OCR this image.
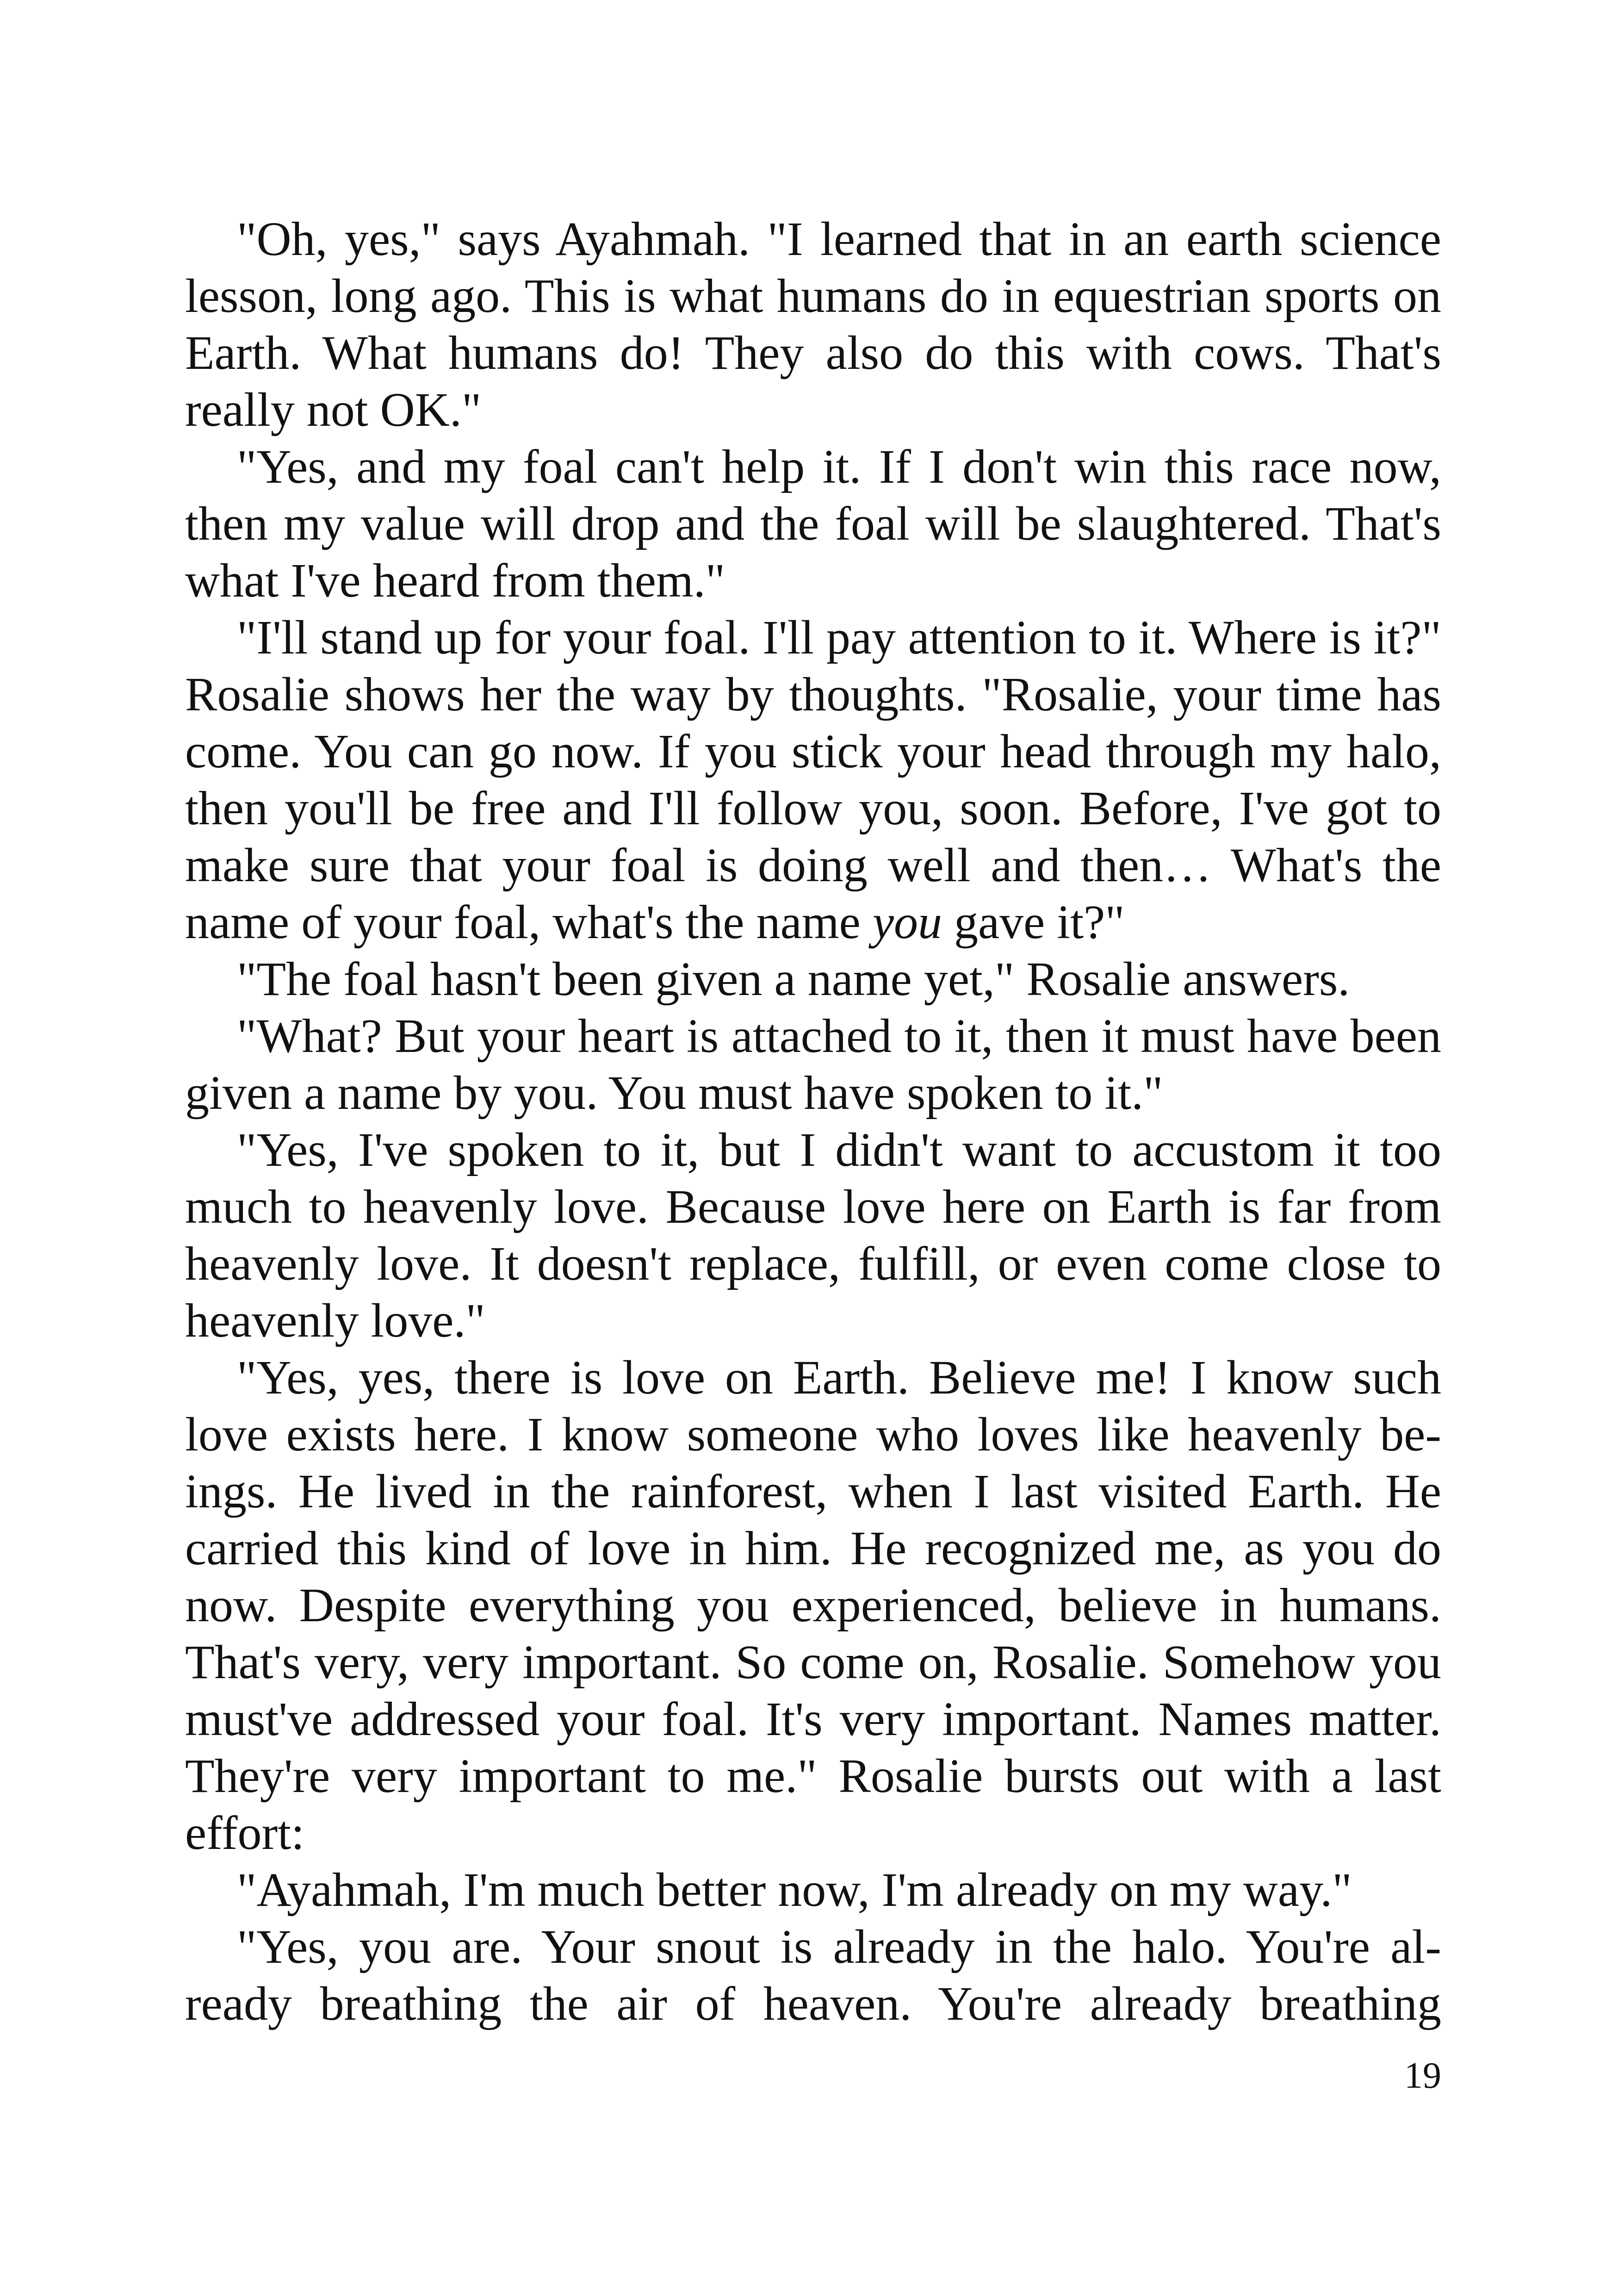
"Oh, yes," says Ayahmah. "I learned that in an earth science lesson, long ago. This is what humans do in equestrian sports on Earth. What humans do! They also do this with cows. That's really not OK."

"Yes, and my foal can't help it. If I don't win this race now, then my value will drop and the foal will be slaughtered. That's what I've heard from them."

"I'll stand up for your foal. I'll pay attention to it. Where is it?" Rosalie shows her the way by thoughts. "Rosalie, your time has come. You can go now. If you stick your head through my halo, then you'll be free and I'll follow you, soon. Before, I've got to make sure that your foal is doing well and then… What's the name of your foal, what's the name you gave it?"

"The foal hasn't been given a name yet," Rosalie answers.

"What? But your heart is attached to it, then it must have been given a name by you. You must have spoken to it."

"Yes, I've spoken to it, but I didn't want to accustom it too much to heavenly love. Because love here on Earth is far from heavenly love. It doesn't replace, fulfill, or even come close to heavenly love."

"Yes, yes, there is love on Earth. Believe me! I know such love exists here. I know someone who loves like heavenly be-ings. He lived in the rainforest, when I last visited Earth. He carried this kind of love in him. He recognized me, as you do now. Despite everything you experienced, believe in humans. That's very, very important. So come on, Rosalie. Somehow you must've addressed your foal. It's very important. Names matter. They're very important to me." Rosalie bursts out with a last effort:

"Ayahmah, I'm much better now, I'm already on my way."

"Yes, you are. Your snout is already in the halo. You're al-ready breathing the air of heaven. You're already breathing

19
